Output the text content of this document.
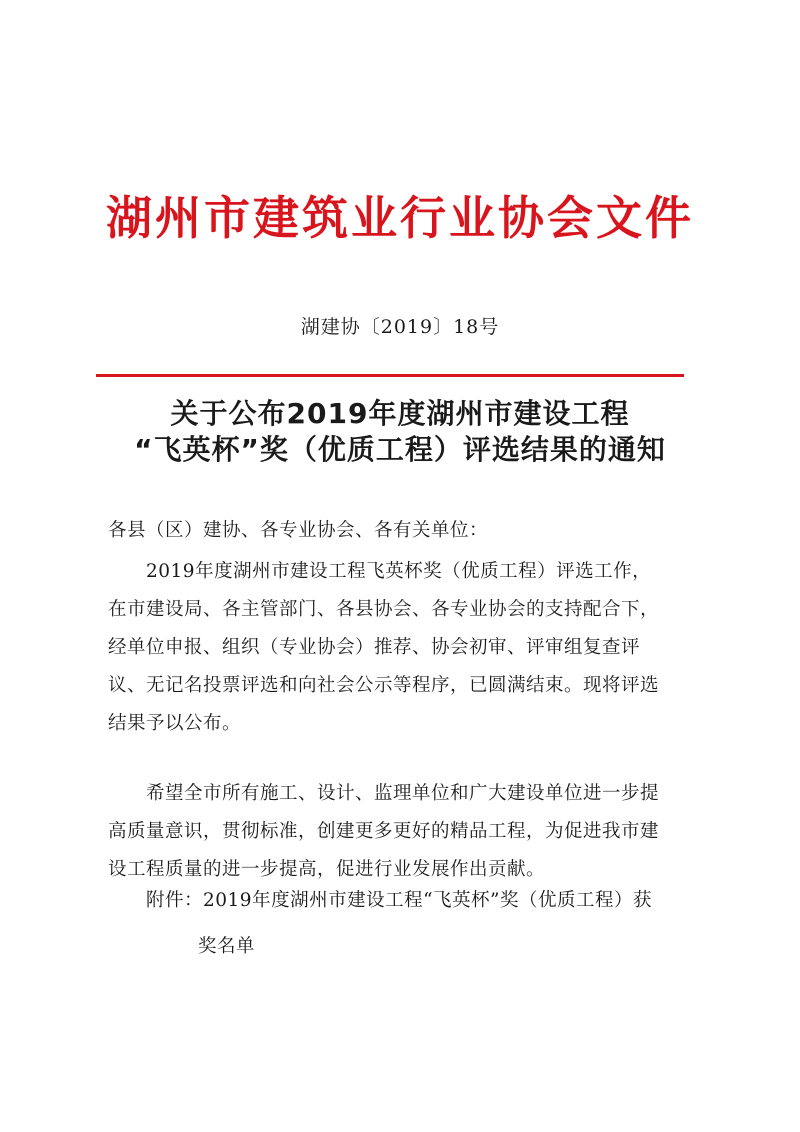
湖州市建筑业行业协会文件
湖建协〔2019〕18号
关于公布2019年度湖州市建设工程
“飞英杯”奖（优质工程）评选结果的通知
各县（区）建协、各专业协会、各有关单位：
2019年度湖州市建设工程飞英杯奖（优质工程）评选工作，在市建设局、各主管部门、各县协会、各专业协会的支持配合下，经单位申报、组织（专业协会）推荐、协会初审、评审组复查评议、无记名投票评选和向社会公示等程序，已圆满结束。现将评选结果予以公布。
希望全市所有施工、设计、监理单位和广大建设单位进一步提高质量意识，贯彻标准，创建更多更好的精品工程，为促进我市建设工程质量的进一步提高，促进行业发展作出贡献。
附件：2019年度湖州市建设工程“飞英杯”奖（优质工程）获
奖名单
